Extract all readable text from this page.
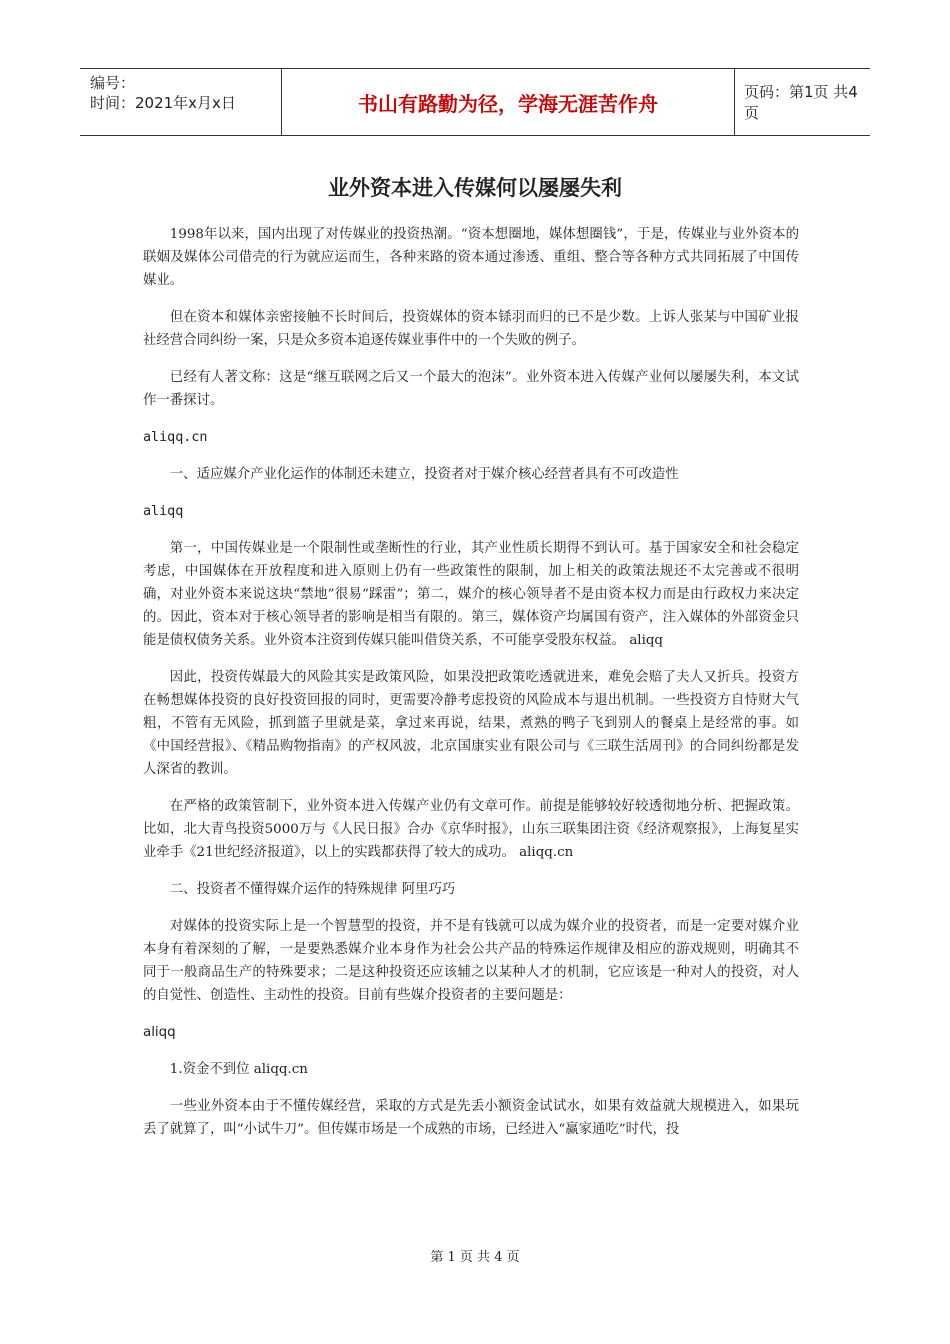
编号：
时间：2021年x月x日	书山有路勤为径，学海无涯苦作舟	页码：第1页 共4页
业外资本进入传媒何以屡屡失利

1998年以来，国内出现了对传媒业的投资热潮。“资本想圈地，媒体想圈钱”，于是，传媒业与业外资本的联姻及媒体公司借壳的行为就应运而生，各种来路的资本通过渗透、重组、整合等各种方式共同拓展了中国传媒业。

但在资本和媒体亲密接触不长时间后，投资媒体的资本铩羽而归的已不是少数。上诉人张某与中国矿业报社经营合同纠纷一案，只是众多资本追逐传媒业事件中的一个失败的例子。

已经有人著文称：这是“继互联网之后又一个最大的泡沫”。业外资本进入传媒产业何以屡屡失利，本文试作一番探讨。

aliqq.cn

一、适应媒介产业化运作的体制还未建立，投资者对于媒介核心经营者具有不可改造性

aliqq

第一，中国传媒业是一个限制性或垄断性的行业，其产业性质长期得不到认可。基于国家安全和社会稳定考虑，中国媒体在开放程度和进入原则上仍有一些政策性的限制，加上相关的政策法规还不太完善或不很明确，对业外资本来说这块“禁地”很易“踩雷”；第二，媒介的核心领导者不是由资本权力而是由行政权力来决定的。因此，资本对于核心领导者的影响是相当有限的。第三，媒体资产均属国有资产，注入媒体的外部资金只能是债权债务关系。业外资本注资到传媒只能叫借贷关系，不可能享受股东权益。 aliqq

因此，投资传媒最大的风险其实是政策风险，如果没把政策吃透就进来，难免会赔了夫人又折兵。投资方在畅想媒体投资的良好投资回报的同时，更需要冷静考虑投资的风险成本与退出机制。一些投资方自恃财大气粗，不管有无风险，抓到篮子里就是菜，拿过来再说，结果，煮熟的鸭子飞到别人的餐桌上是经常的事。如《中国经营报》、《精品购物指南》的产权风波，北京国康实业有限公司与《三联生活周刊》的合同纠纷都是发人深省的教训。

在严格的政策管制下，业外资本进入传媒产业仍有文章可作。前提是能够较好较透彻地分析、把握政策。比如，北大青鸟投资5000万与《人民日报》合办《京华时报》，山东三联集团注资《经济观察报》，上海复星实业牵手《21世纪经济报道》，以上的实践都获得了较大的成功。 aliqq.cn

二、投资者不懂得媒介运作的特殊规律 阿里巧巧

对媒体的投资实际上是一个智慧型的投资，并不是有钱就可以成为媒介业的投资者，而是一定要对媒介业本身有着深刻的了解，一是要熟悉媒介业本身作为社会公共产品的特殊运作规律及相应的游戏规则，明确其不同于一般商品生产的特殊要求；二是这种投资还应该辅之以某种人才的机制，它应该是一种对人的投资，对人的自觉性、创造性、主动性的投资。目前有些媒介投资者的主要问题是：

aliqq

1.资金不到位 aliqq.cn

一些业外资本由于不懂传媒经营，采取的方式是先丢小额资金试试水，如果有效益就大规模进入，如果玩丢了就算了，叫“小试牛刀”。但传媒市场是一个成熟的市场，已经进入“赢家通吃”时代，投

第 1 页 共 4 页
